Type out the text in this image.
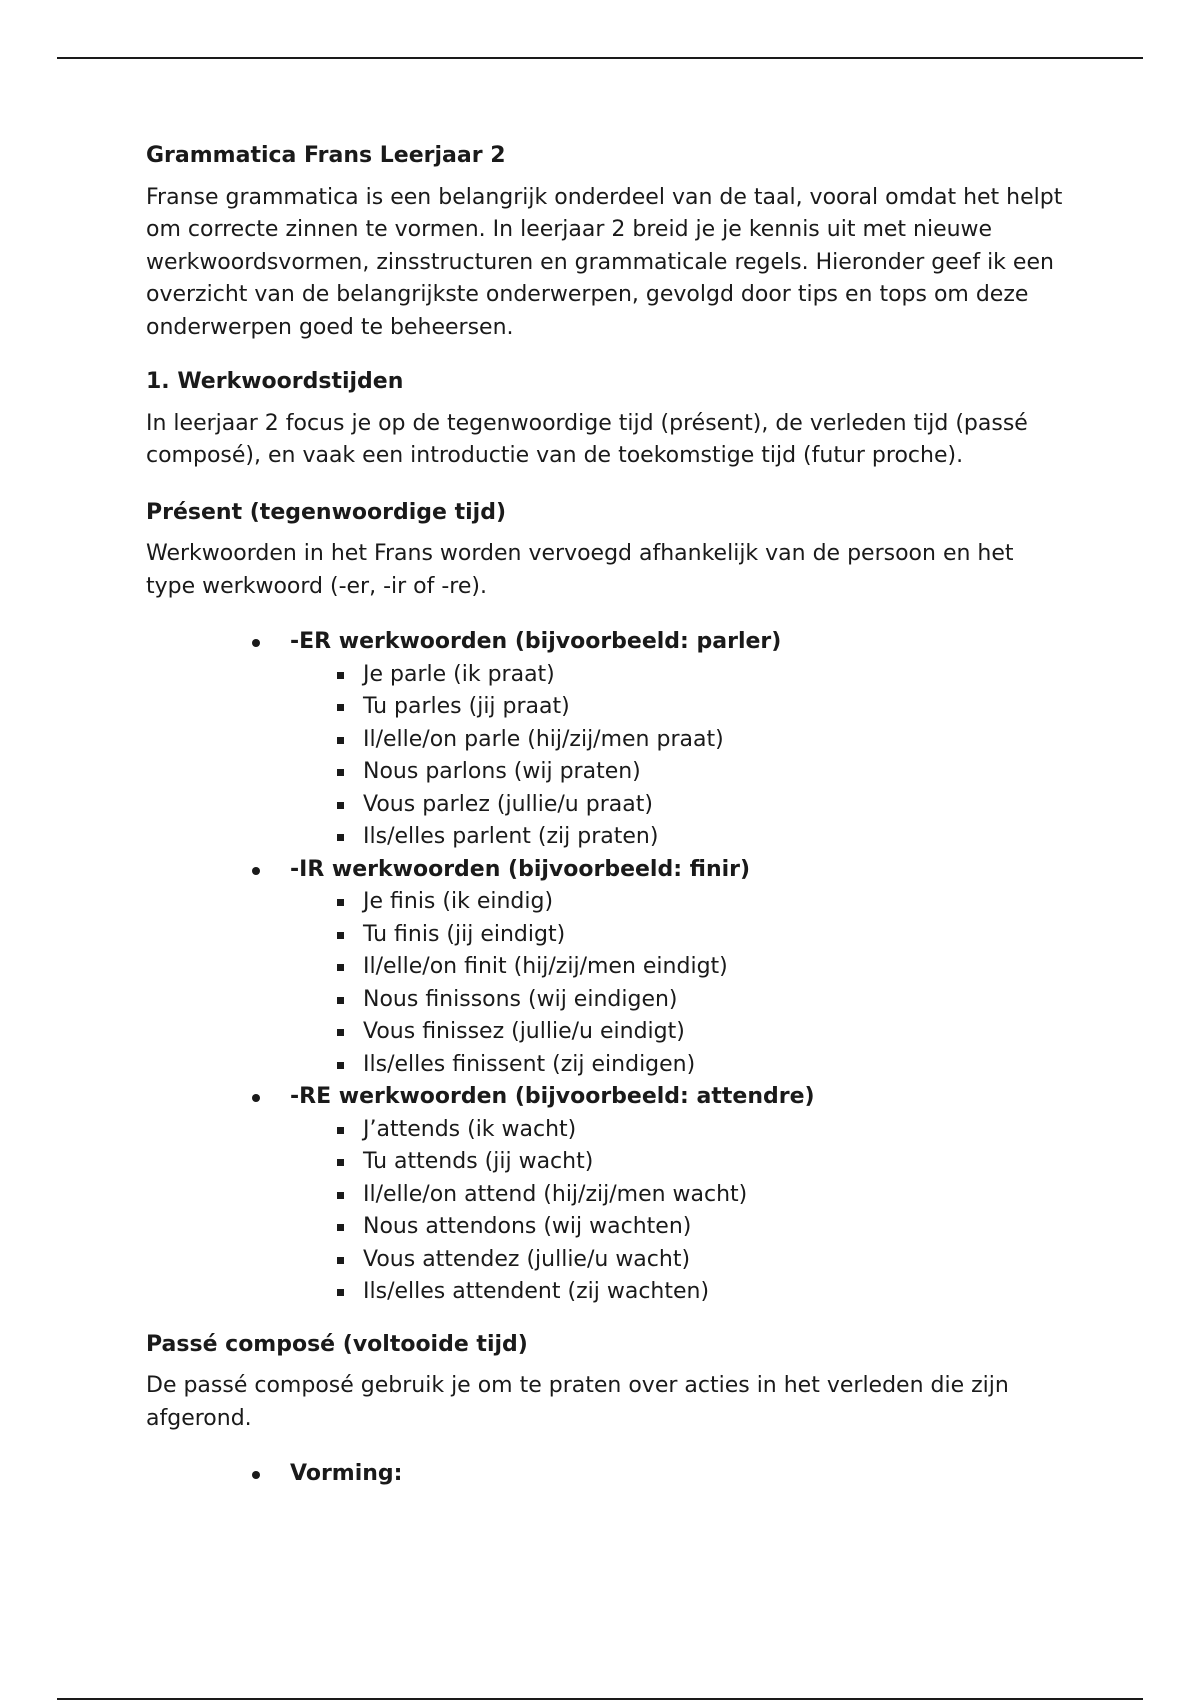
Grammatica Frans Leerjaar 2

Franse grammatica is een belangrijk onderdeel van de taal, vooral omdat het helpt om correcte zinnen te vormen. In leerjaar 2 breid je je kennis uit met nieuwe werkwoordsvormen, zinsstructuren en grammaticale regels. Hieronder geef ik een overzicht van de belangrijkste onderwerpen, gevolgd door tips en tops om deze onderwerpen goed te beheersen.

1. Werkwoordstijden

In leerjaar 2 focus je op de tegenwoordige tijd (présent), de verleden tijd (passé composé), en vaak een introductie van de toekomstige tijd (futur proche).

Présent (tegenwoordige tijd)

Werkwoorden in het Frans worden vervoegd afhankelijk van de persoon en het type werkwoord (-er, -ir of -re).

-ER werkwoorden (bijvoorbeeld: parler)
Je parle (ik praat)
Tu parles (jij praat)
Il/elle/on parle (hij/zij/men praat)
Nous parlons (wij praten)
Vous parlez (jullie/u praat)
Ils/elles parlent (zij praten)
-IR werkwoorden (bijvoorbeeld: finir)
Je finis (ik eindig)
Tu finis (jij eindigt)
Il/elle/on finit (hij/zij/men eindigt)
Nous finissons (wij eindigen)
Vous finissez (jullie/u eindigt)
Ils/elles finissent (zij eindigen)
-RE werkwoorden (bijvoorbeeld: attendre)
J’attends (ik wacht)
Tu attends (jij wacht)
Il/elle/on attend (hij/zij/men wacht)
Nous attendons (wij wachten)
Vous attendez (jullie/u wacht)
Ils/elles attendent (zij wachten)
Passé composé (voltooide tijd)

De passé composé gebruik je om te praten over acties in het verleden die zijn afgerond.

Vorming:
